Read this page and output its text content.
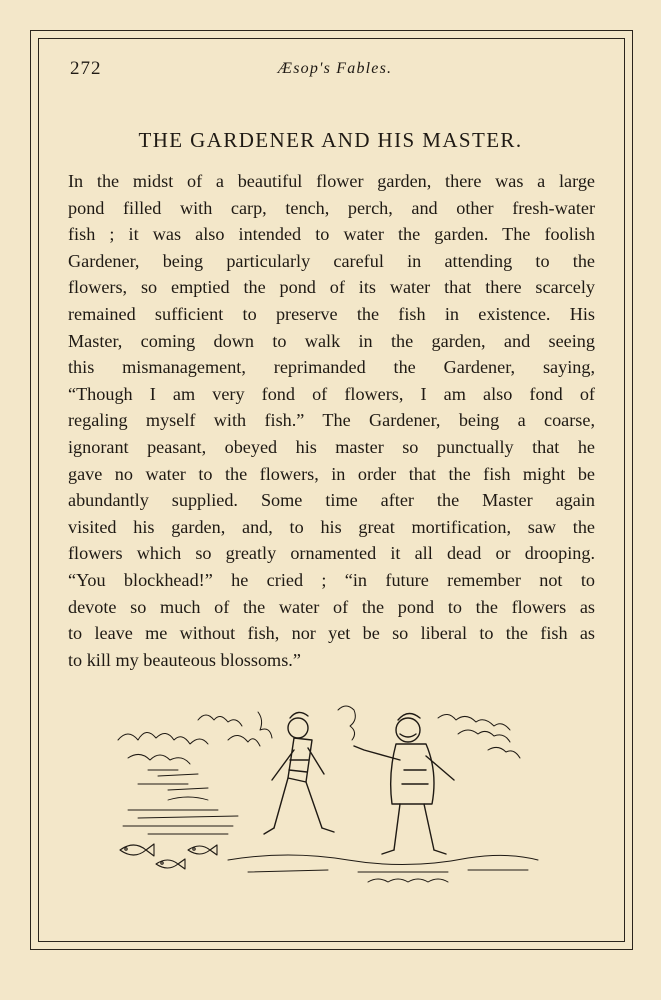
272	Æsop's Fables.
THE GARDENER AND HIS MASTER.

In the midst of a beautiful flower garden, there was a large
pond filled with carp, tench, perch, and other fresh-water
fish ; it was also intended to water the garden. The foolish
Gardener, being particularly careful in attending to the
flowers, so emptied the pond of its water that there scarcely
remained sufficient to preserve the fish in existence. His
Master, coming down to walk in the garden, and seeing
this mismanagement, reprimanded the Gardener, saying,
“Though I am very fond of flowers, I am also fond of
regaling myself with fish.” The Gardener, being a coarse,
ignorant peasant, obeyed his master so punctually that he
gave no water to the flowers, in order that the fish might be
abundantly supplied. Some time after the Master again
visited his garden, and, to his great mortification, saw the
flowers which so greatly ornamented it all dead or drooping.
“You blockhead!” he cried ; “in future remember not to
devote so much of the water of the pond to the flowers as
to leave me without fish, nor yet be so liberal to the fish as
to kill my beauteous blossoms.”
